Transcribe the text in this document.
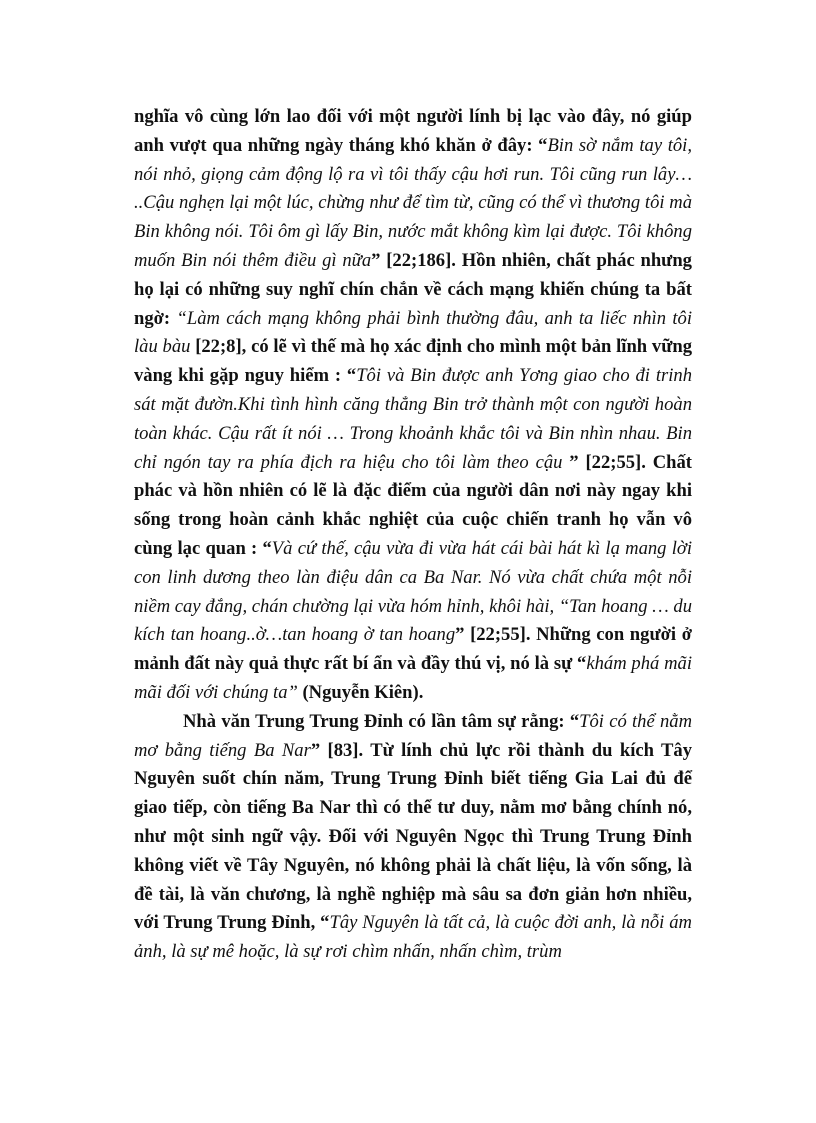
nghĩa vô cùng lớn lao đối với một người lính bị lạc vào đây, nó giúp anh vượt qua những ngày tháng khó khăn ở đây: “Bin sờ nắm tay tôi, nói nhỏ, giọng cảm động lộ ra vì tôi thấy cậu hơi run. Tôi cũng run lây… ..Cậu nghẹn lại một lúc, chừng như để tìm từ, cũng có thể vì thương tôi mà Bin không nói. Tôi ôm gì lấy Bin, nước mắt không kìm lại được. Tôi không muốn Bin nói thêm điều gì nữa” [22;186]. Hồn nhiên, chất phác nhưng họ lại có những suy nghĩ chín chắn về cách mạng khiến chúng ta bất ngờ: “Làm cách mạng không phải bình thường đâu, anh ta liếc nhìn tôi làu bàu [22;8], có lẽ vì thế mà họ xác định cho mình một bản lĩnh vững vàng khi gặp nguy hiểm : “Tôi và Bin được anh Yơng giao cho đi trinh sát mặt đườn.Khi tình hình căng thẳng Bin trở thành một con người hoàn toàn khác. Cậu rất ít nói … Trong khoảnh khắc tôi và Bin nhìn nhau. Bin chỉ ngón tay ra phía địch ra hiệu cho tôi làm theo cậu ” [22;55]. Chất phác và hồn nhiên có lẽ là đặc điểm của người dân nơi này ngay khi sống trong hoàn cảnh khắc nghiệt của cuộc chiến tranh họ vẫn vô cùng lạc quan : “Và cứ thế, cậu vừa đi vừa hát cái bài hát kì lạ mang lời con linh dương theo làn điệu dân ca Ba Nar. Nó vừa chất chứa một nỗi niềm cay đắng, chán chường lại vừa hóm hỉnh, khôi hài, “Tan hoang … du kích tan hoang..ờ…tan hoang ờ tan hoang” [22;55]. Những con người ở mảnh đất này quả thực rất bí ẩn và đầy thú vị, nó là sự “khám phá mãi mãi đối với chúng ta” (Nguyễn Kiên).

Nhà văn Trung Trung Đỉnh có lần tâm sự rằng: “Tôi có thể nằm mơ bằng tiếng Ba Nar” [83]. Từ lính chủ lực rồi thành du kích Tây Nguyên suốt chín năm, Trung Trung Đỉnh biết tiếng Gia Lai đủ để giao tiếp, còn tiếng Ba Nar thì có thể tư duy, nằm mơ bằng chính nó, như một sinh ngữ vậy. Đối với Nguyên Ngọc thì Trung Trung Đỉnh không viết về Tây Nguyên, nó không phải là chất liệu, là vốn sống, là đề tài, là văn chương, là nghề nghiệp mà sâu sa đơn giản hơn nhiều, với Trung Trung Đỉnh, “Tây Nguyên là tất cả, là cuộc đời anh, là nỗi ám ảnh, là sự mê hoặc, là sự rơi chìm nhấn, nhấn chìm, trùm
